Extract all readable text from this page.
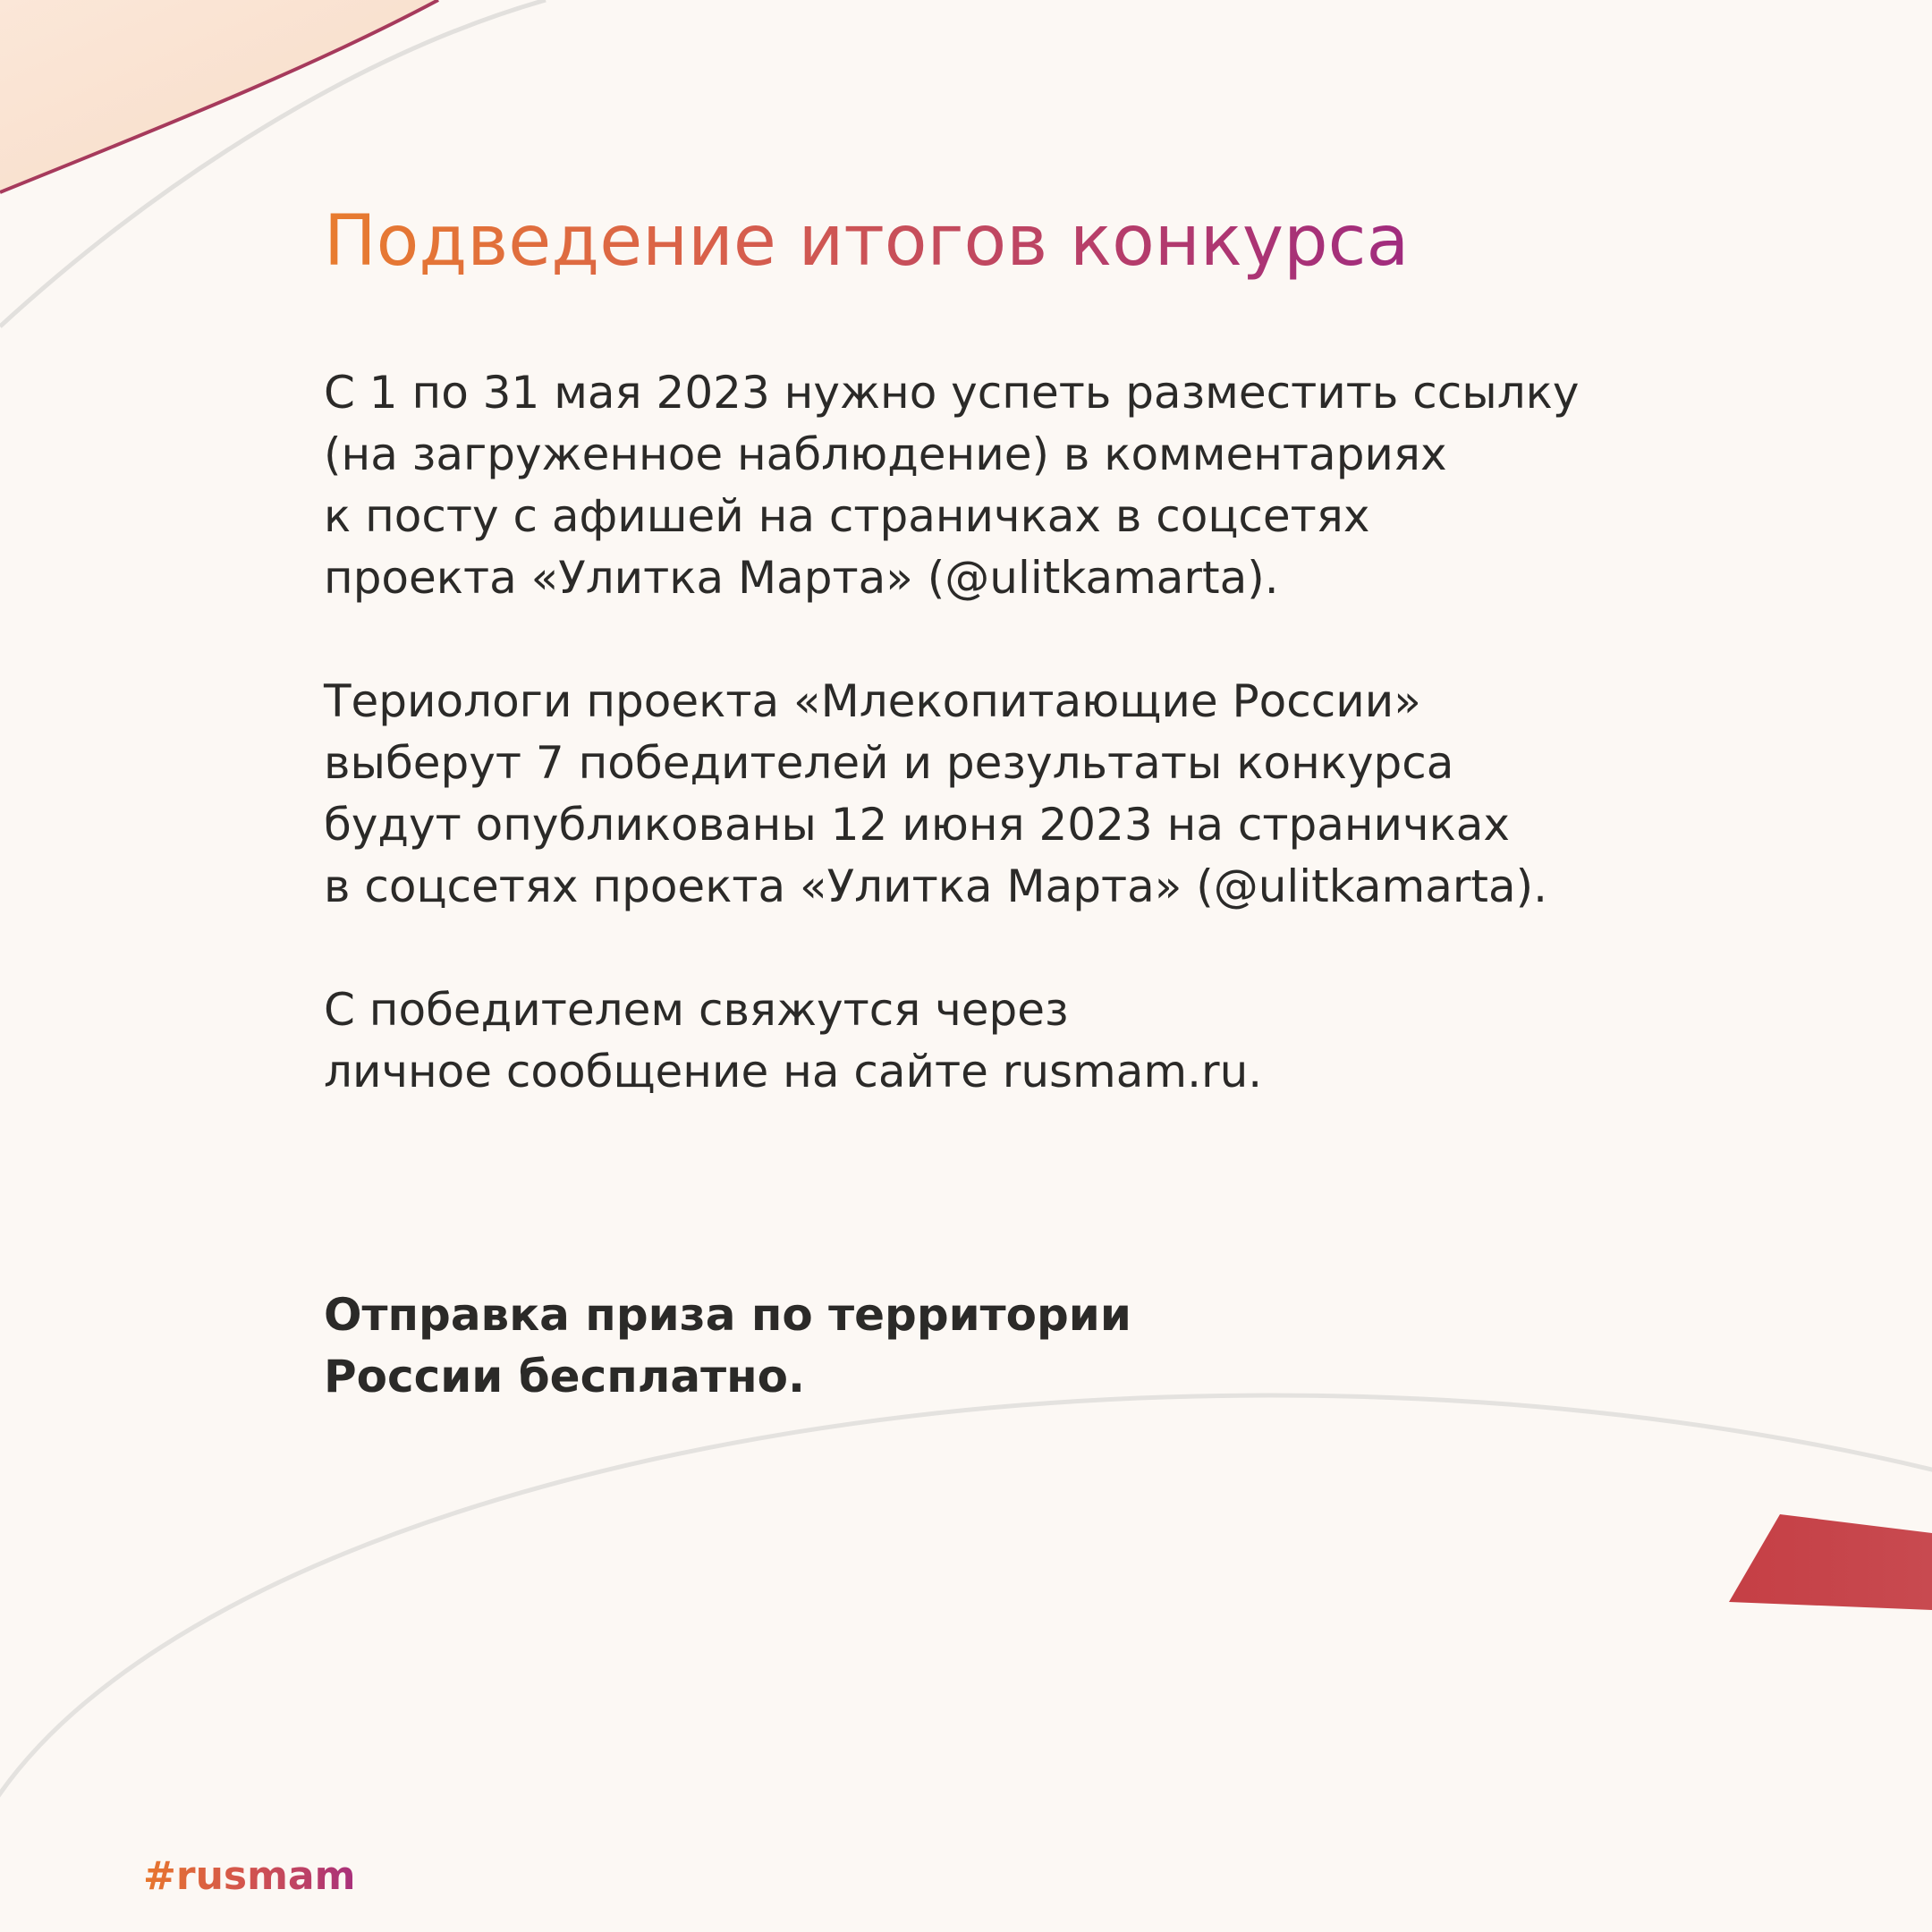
Подведение итогов конкурса

С 1 по 31 мая 2023 нужно успеть разместить ссылку
(на загруженное наблюдение) в комментариях
к посту с афишей на страничках в соцсетях
проекта «Улитка Марта» (@ulitkamarta).

Териологи проекта «Млекопитающие России»
выберут 7 победителей и результаты конкурса
будут опубликованы 12 июня 2023 на страничках
в соцсетях проекта «Улитка Марта» (@ulitkamarta).

С победителем свяжутся через
личное сообщение на сайте rusmam.ru.

Отправка приза по территории
России бесплатно.
#rusmam
